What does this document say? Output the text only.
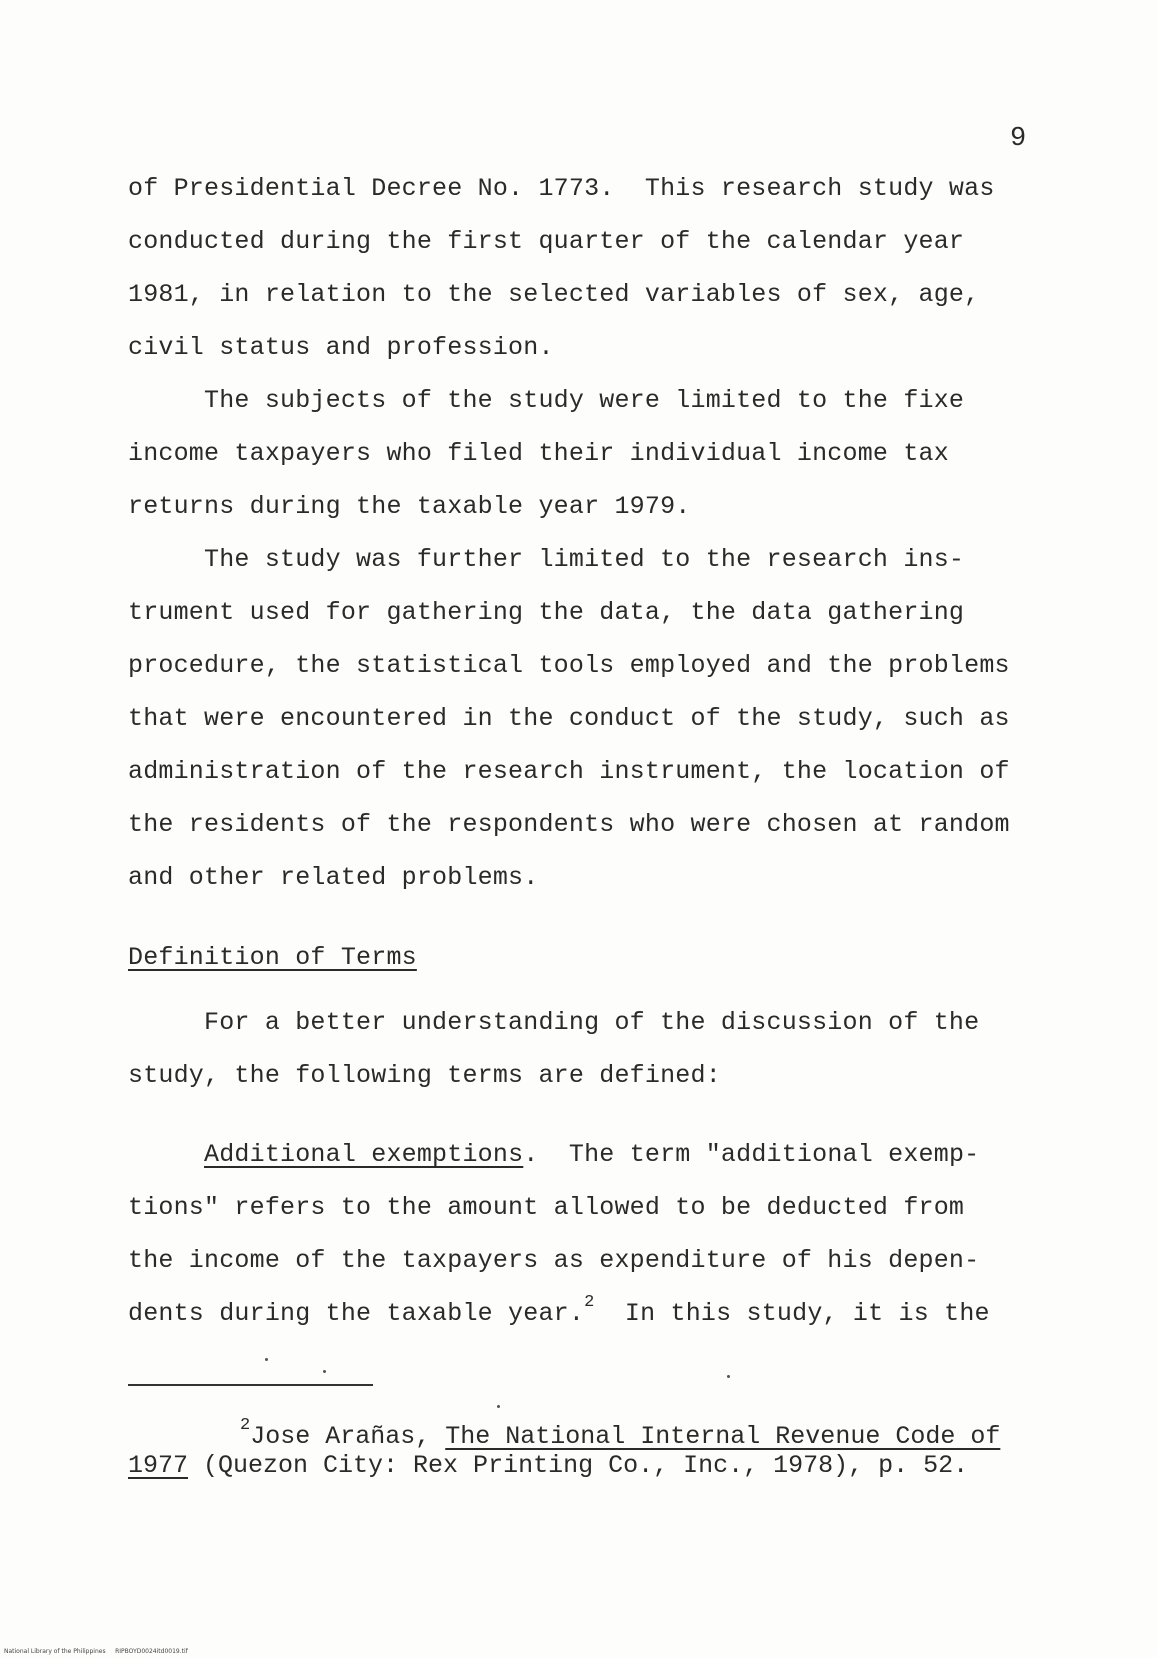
9
of Presidential Decree No. 1773.  This research study was
conducted during the first quarter of the calendar year
1981, in relation to the selected variables of sex, age,
civil status and profession.
The subjects of the study were limited to the fixe
income taxpayers who filed their individual income tax
returns during the taxable year 1979.
The study was further limited to the research ins-
trument used for gathering the data, the data gathering
procedure, the statistical tools employed and the problems
that were encountered in the conduct of the study, such as
administration of the research instrument, the location of
the residents of the respondents who were chosen at random
and other related problems.
Definition of Terms
For a better understanding of the discussion of the
study, the following terms are defined:
Additional exemptions.  The term "additional exemp-
tions" refers to the amount allowed to be deducted from
the income of the taxpayers as expenditure of his depen-
dents during the taxable year.$^2$  In this study, it is the
$^2$Jose Arañas, The National Internal Revenue Code of
1977 (Quezon City: Rex Printing Co., Inc., 1978), p. 52.
National Library of the Philippines     RIPBOYD0024itd0019.tif
